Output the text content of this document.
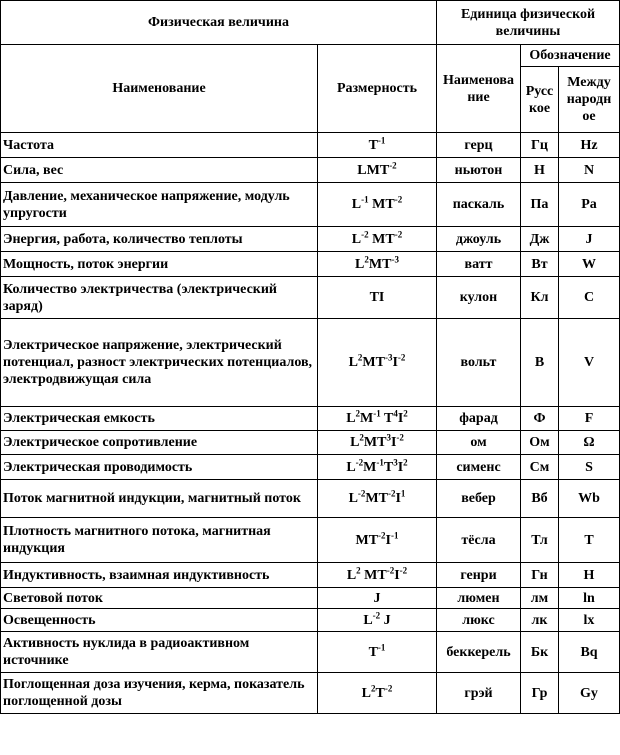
Физическая величина		Единица физической величины		
Наименование	Размерность	Наименова ние	Обозначение	
			Русс кое	Между народн ое
Частота	$T^{-1}$	герц	Гц	Hz
Сила, вес	$LMT^{-2}$	ньютон	Н	N
Давление, механическое напряжение, модуль упругости	$L^{-1}$ $MT^{-2}$	паскаль	Па	Pa
Энергия, работа, количество теплоты	$L^{-2}$ $MT^{-2}$	джоуль	Дж	J
Мощность, поток энергии	$L^2MT^{-3}$	ватт	Вт	W
Количество электричества (электрический заряд)	TI	кулон	Кл	C
Электрическое напряжение, электрический потенциал, разност электрических потенциалов, электродвижущая сила	$L^2MT^{-3}I^{-2}$	вольт	В	V
Электрическая емкость	$L^2M^{-1}$ $T^4I^2$	фарад	Ф	F
Электрическое сопротивление	$L^2MT^3I^{-2}$	ом	Ом	Ω
Электрическая проводимость	$L^{-2}M^{-1}T^3I^2$	сименс	См	S
Поток магнитной индукции, магнитный поток	$L^{-2}MT^{-2}I^1$	вебер	Вб	Wb
Плотность магнитного потока, магнитная индукция	$MT^{-2}I^{-1}$	тёсла	Тл	T
Индуктивность, взаимная индуктивность	$L^2$ $MT^{-2}I^{-2}$	генри	Гн	H
Световой поток	J	люмен	лм	ln
Освещенность	$L^{-2}$ J	люкс	лк	lx
Активность нуклида в радиоактивном источнике	$T^{-1}$	беккерель	Бк	Bq
Поглощенная доза изучения, керма, показатель поглощенной дозы	$L^2T^{-2}$	грэй	Гр	Gy
